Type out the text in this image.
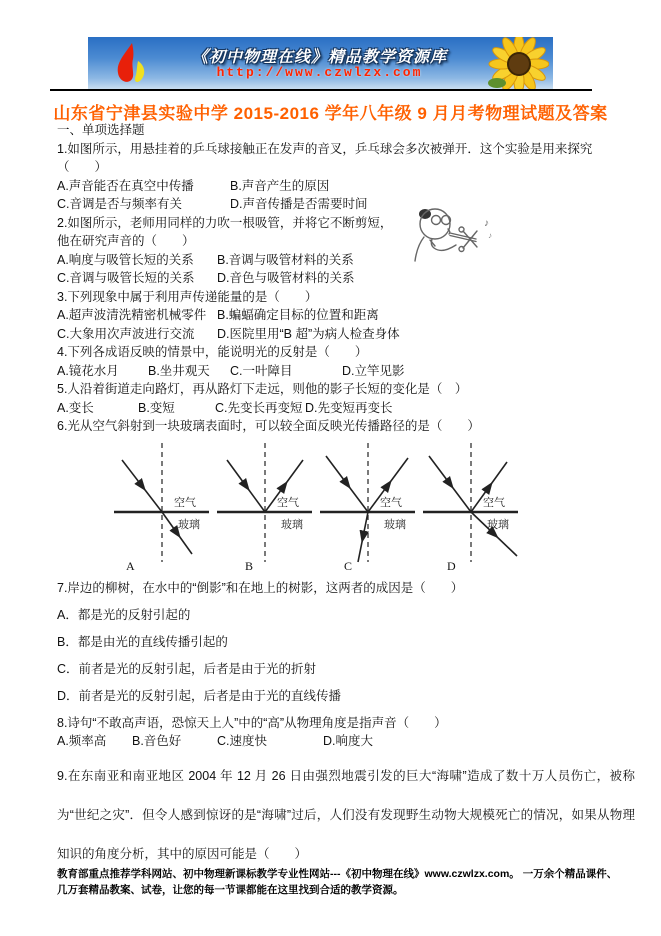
《初中物理在线》精品教学资源库
http://www.czwlzx.com
山东省宁津县实验中学 2015-2016 学年八年级 9 月月考物理试题及答案
♪
♪
一、单项选择题
1.如图所示，用悬挂着的乒乓球接触正在发声的音叉，乒乓球会多次被弹开．这个实验是用来探究
（　　）
A.声音能否在真空中传播	B.声音产生的原因
C.音调是否与频率有关	D.声音传播是否需要时间
2.如图所示，老师用同样的力吹一根吸管，并将它不断剪短，
他在研究声音的（　　）
A.响度与吸管长短的关系 B.音调与吸管材料的关系
C.音调与吸管长短的关系 D.音色与吸管材料的关系
3.下列现象中属于利用声传递能量的是（　　）
A.超声波清洗精密机械零件 B.蝙蝠确定目标的位置和距离
C.大象用次声波进行交流 D.医院里用“B 超”为病人检查身体
4.下列各成语反映的情景中，能说明光的反射是（　　）
A.镜花水月 B.坐井观天 C.一叶障目	D.立竿见影
5.人沿着街道走向路灯，再从路灯下走远，则他的影子长短的变化是（　）
A.变长	B.变短	C.先变长再变短 D.先变短再变长
6.光从空气斜射到一块玻璃表面时，可以较全面反映光传播路径的是（　　）
空气
玻璃
A
空气
玻璃
B
空气
玻璃
C
空气
玻璃
D
7.岸边的柳树，在水中的“倒影”和在地上的树影，这两者的成因是（　　）
A．都是光的反射引起的
B．都是由光的直线传播引起的
C．前者是光的反射引起，后者是由于光的折射
D．前者是光的反射引起，后者是由于光的直线传播
8.诗句“不敢高声语，恐惊天上人”中的“高”从物理角度是指声音（　　）
A.频率高 B.音色好	C.速度快	D.响度大
9.在东南亚和南亚地区 2004 年 12 月 26 日由强烈地震引发的巨大“海啸”造成了数十万人员伤亡，被称为“世纪之灾”．但令人感到惊讶的是“海啸”过后，人们没有发现野生动物大规模死亡的情况，如果从物理知识的角度分析，其中的原因可能是（　　）
教育部重点推荐学科网站、初中物理新课标教学专业性网站---《初中物理在线》www.czwlzx.com。 一万余个精品课件、
几万套精品教案、试卷，让您的每一节课都能在这里找到合适的教学资源。
